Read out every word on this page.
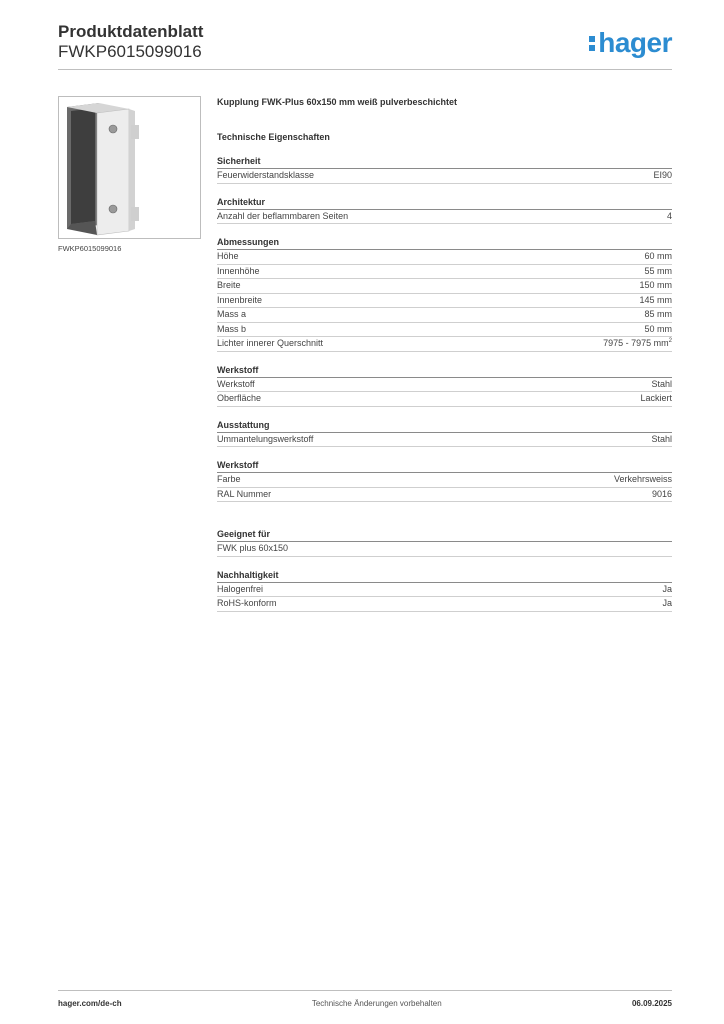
Produktdatenblatt
FWKP6015099016	hager
FWKP6015099016
Kupplung FWK-Plus 60x150 mm weiß pulverbeschichtet
Technische Eigenschaften
Sicherheit
Feuerwiderstandsklasse	EI90
Architektur
Anzahl der beflammbaren Seiten	4
Abmessungen
Höhe	60 mm
Innenhöhe	55 mm
Breite	150 mm
Innenbreite	145 mm
Mass a	85 mm
Mass b	50 mm
Lichter innerer Querschnitt	7975 - 7975 $mm^2$
Werkstoff
Werkstoff	Stahl
Oberfläche	Lackiert
Ausstattung
Ummantelungswerkstoff	Stahl
Werkstoff
Farbe	Verkehrsweiss
RAL Nummer	9016
Geeignet für
FWK plus 60x150
Nachhaltigkeit
Halogenfrei	Ja
RoHS-konform	Ja
hager.com/de-ch	Technische Änderungen vorbehalten	06.09.2025
